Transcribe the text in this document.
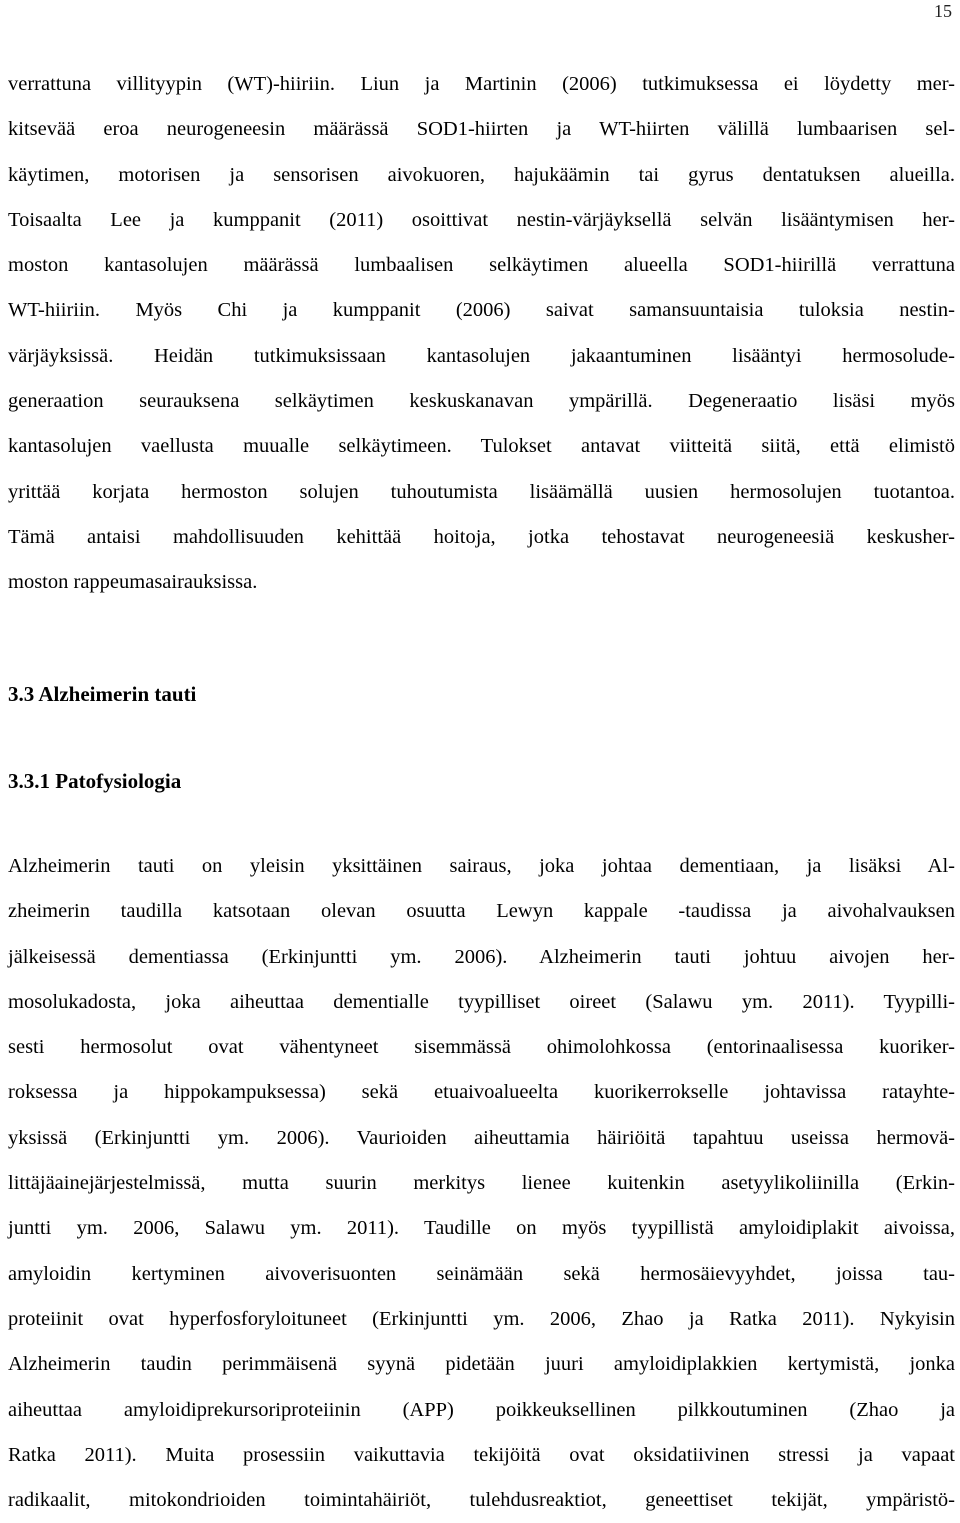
15
verrattuna villityypin (WT)-hiiriin. Liun ja Martinin (2006) tutkimuksessa ei löydetty mer-
kitsevää eroa neurogeneesin määrässä SOD1-hiirten ja WT-hiirten välillä lumbaarisen sel-
käytimen, motorisen ja sensorisen aivokuoren, hajukäämin tai gyrus dentatuksen alueilla.
Toisaalta Lee ja kumppanit (2011) osoittivat nestin-värjäyksellä selvän lisääntymisen her-
moston kantasolujen määrässä lumbaalisen selkäytimen alueella SOD1-hiirillä verrattuna
WT-hiiriin. Myös Chi ja kumppanit (2006) saivat samansuuntaisia tuloksia nestin-
värjäyksissä. Heidän tutkimuksissaan kantasolujen jakaantuminen lisääntyi hermosolude-
generaation seurauksena selkäytimen keskuskanavan ympärillä. Degeneraatio lisäsi myös
kantasolujen vaellusta muualle selkäytimeen. Tulokset antavat viitteitä siitä, että elimistö
yrittää korjata hermoston solujen tuhoutumista lisäämällä uusien hermosolujen tuotantoa.
Tämä antaisi mahdollisuuden kehittää hoitoja, jotka tehostavat neurogeneesiä keskusher-
moston rappeumasairauksissa.
3.3 Alzheimerin tauti
3.3.1 Patofysiologia
Alzheimerin tauti on yleisin yksittäinen sairaus, joka johtaa dementiaan, ja lisäksi Al-
zheimerin taudilla katsotaan olevan osuutta Lewyn kappale -taudissa ja aivohalvauksen
jälkeisessä dementiassa (Erkinjuntti ym. 2006). Alzheimerin tauti johtuu aivojen her-
mosolukadosta, joka aiheuttaa dementialle tyypilliset oireet (Salawu ym. 2011). Tyypilli-
sesti hermosolut ovat vähentyneet sisemmässä ohimolohkossa (entorinaalisessa kuoriker-
roksessa ja hippokampuksessa) sekä etuaivoalueelta kuorikerrokselle johtavissa ratayhte-
yksissä (Erkinjuntti ym. 2006). Vaurioiden aiheuttamia häiriöitä tapahtuu useissa hermovä-
littäjäainejärjestelmissä, mutta suurin merkitys lienee kuitenkin asetyylikoliinilla (Erkin-
juntti ym. 2006, Salawu ym. 2011). Taudille on myös tyypillistä amyloidiplakit aivoissa,
amyloidin kertyminen aivoverisuonten seinämään sekä hermosäievyyhdet, joissa tau-
proteiinit ovat hyperfosforyloituneet (Erkinjuntti ym. 2006, Zhao ja Ratka 2011). Nykyisin
Alzheimerin taudin perimmäisenä syynä pidetään juuri amyloidiplakkien kertymistä, jonka
aiheuttaa amyloidiprekursoriproteiinin (APP) poikkeuksellinen pilkkoutuminen (Zhao ja
Ratka 2011). Muita prosessiin vaikuttavia tekijöitä ovat oksidatiivinen stressi ja vapaat
radikaalit, mitokondrioiden toimintahäiriöt, tulehdusreaktiot, geneettiset tekijät, ympäristö-
